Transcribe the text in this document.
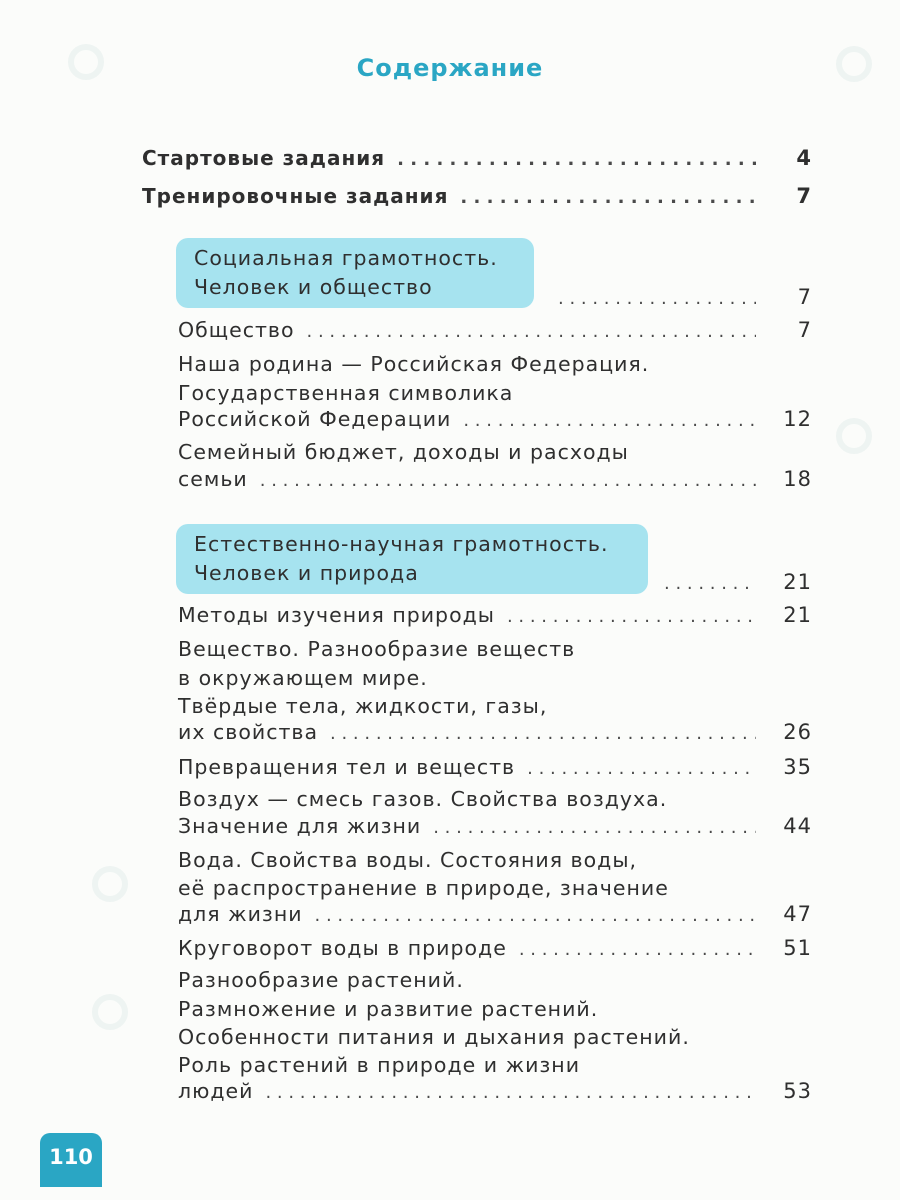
Содержание
Стартовые задания . . .	4
Тренировочные задания . . .	7
Социальная грамотность.
Человек и общество . . .	7
Общество . . .	7
Наша родина — Российская Федерация.
Государственная символика
Российской Федерации . . .	12
Семейный бюджет, доходы и расходы
семьи . . .	18
Естественно-научная грамотность.
Человек и природа . . .	21
Методы изучения природы . . .	21
Вещество. Разнообразие веществ
в окружающем мире.
Твёрдые тела, жидкости, газы,
их свойства . . .	26
Превращения тел и веществ . . .	35
Воздух — смесь газов. Свойства воздуха.
Значение для жизни . . .	44
Вода. Свойства воды. Состояния воды,
её распространение в природе, значение
для жизни . . .	47
Круговорот воды в природе . . .	51
Разнообразие растений.
Размножение и развитие растений.
Особенности питания и дыхания растений.
Роль растений в природе и жизни
людей . . .	53
110
